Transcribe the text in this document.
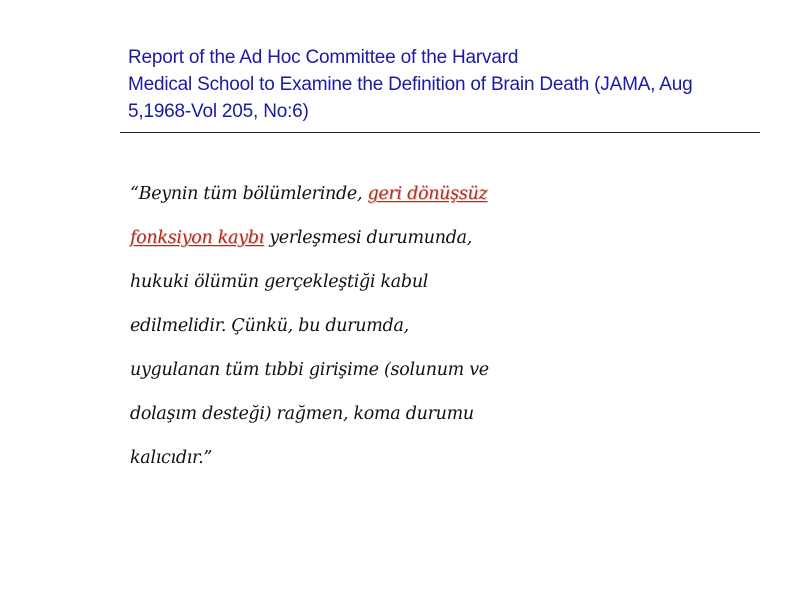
Report of the Ad Hoc Committee of the Harvard
Medical School to Examine the Definition of Brain Death (JAMA, Aug
5,1968-Vol 205, No:6)
“Beynin tüm bölümlerinde, geri dönüşsüz
fonksiyon kaybı yerleşmesi durumunda,
hukuki ölümün gerçekleştiği kabul
edilmelidir. Çünkü, bu durumda,
uygulanan tüm tıbbi girişime (solunum ve
dolaşım desteği) rağmen, koma durumu
kalıcıdır.”
